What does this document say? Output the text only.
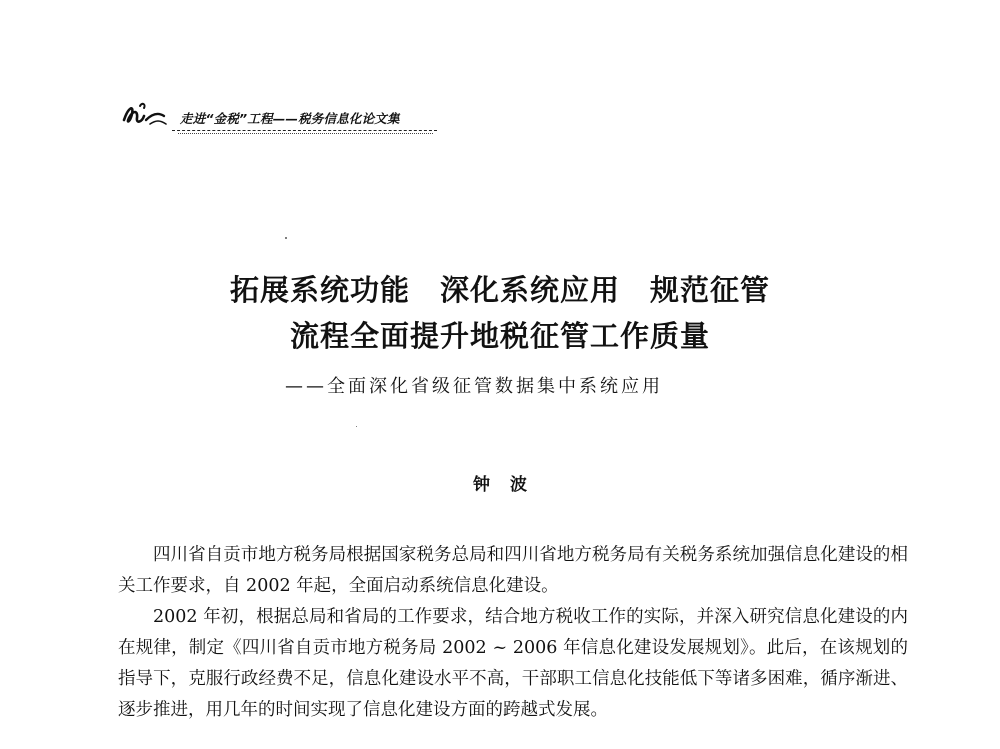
走进“金税”工程——税务信息化论文集
拓展系统功能　深化系统应用　规范征管
流程全面提升地税征管工作质量
——全面深化省级征管数据集中系统应用
钟波

四川省自贡市地方税务局根据国家税务总局和四川省地方税务局有关税务系统加强信息化建设的相关工作要求，自 2002 年起，全面启动系统信息化建设。

2002 年初，根据总局和省局的工作要求，结合地方税收工作的实际，并深入研究信息化建设的内在规律，制定《四川省自贡市地方税务局 2002 ~ 2006 年信息化建设发展规划》。此后，在该规划的指导下，克服行政经费不足，信息化建设水平不高，干部职工信息化技能低下等诸多困难，循序渐进、逐步推进，用几年的时间实现了信息化建设方面的跨越式发展。
